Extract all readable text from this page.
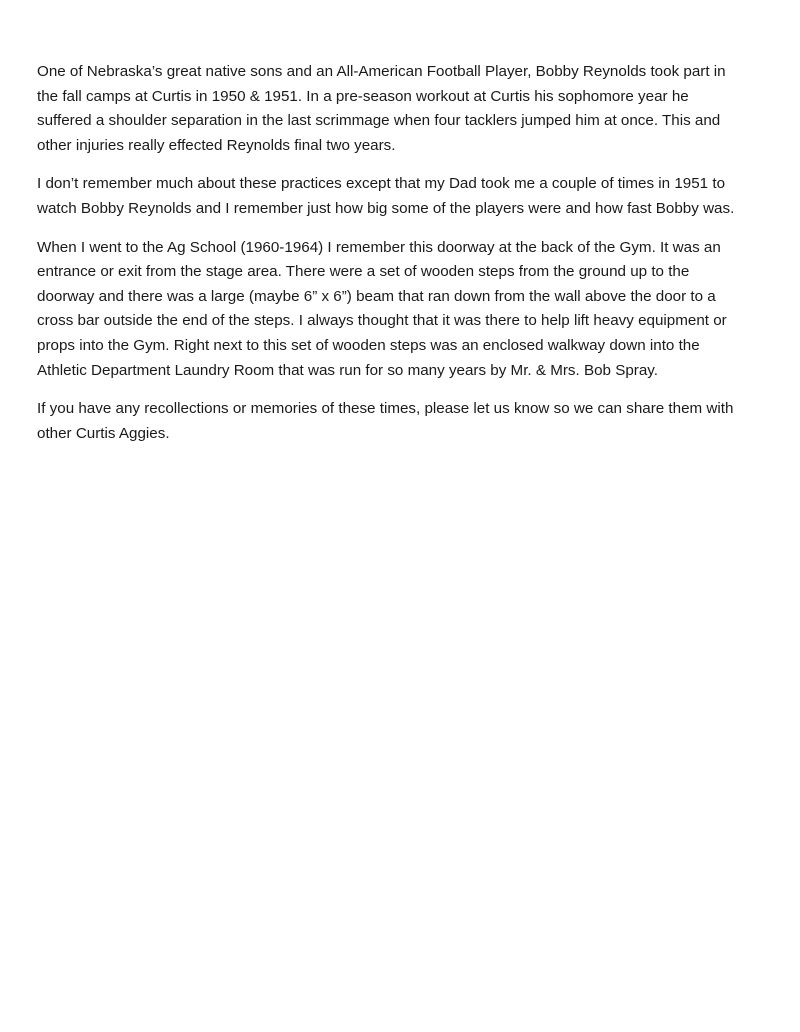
One of Nebraska’s great native sons and an All-American Football Player, Bobby Reynolds took part in
the fall camps at Curtis in 1950 & 1951. In a pre-season workout at Curtis his sophomore year he
suffered a shoulder separation in the last scrimmage when four tacklers jumped him at once. This and
other injuries really effected Reynolds final two years.

I don’t remember much about these practices except that my Dad took me a couple of times in 1951 to
watch Bobby Reynolds and I remember just how big some of the players were and how fast Bobby was.

When I went to the Ag School (1960-1964) I remember this doorway at the back of the Gym. It was an
entrance or exit from the stage area. There were a set of wooden steps from the ground up to the
doorway and there was a large (maybe 6” x 6”) beam that ran down from the wall above the door to a
cross bar outside the end of the steps. I always thought that it was there to help lift heavy equipment or
props into the Gym. Right next to this set of wooden steps was an enclosed walkway down into the
Athletic Department Laundry Room that was run for so many years by Mr. & Mrs. Bob Spray.

If you have any recollections or memories of these times, please let us know so we can share them with
other Curtis Aggies.
